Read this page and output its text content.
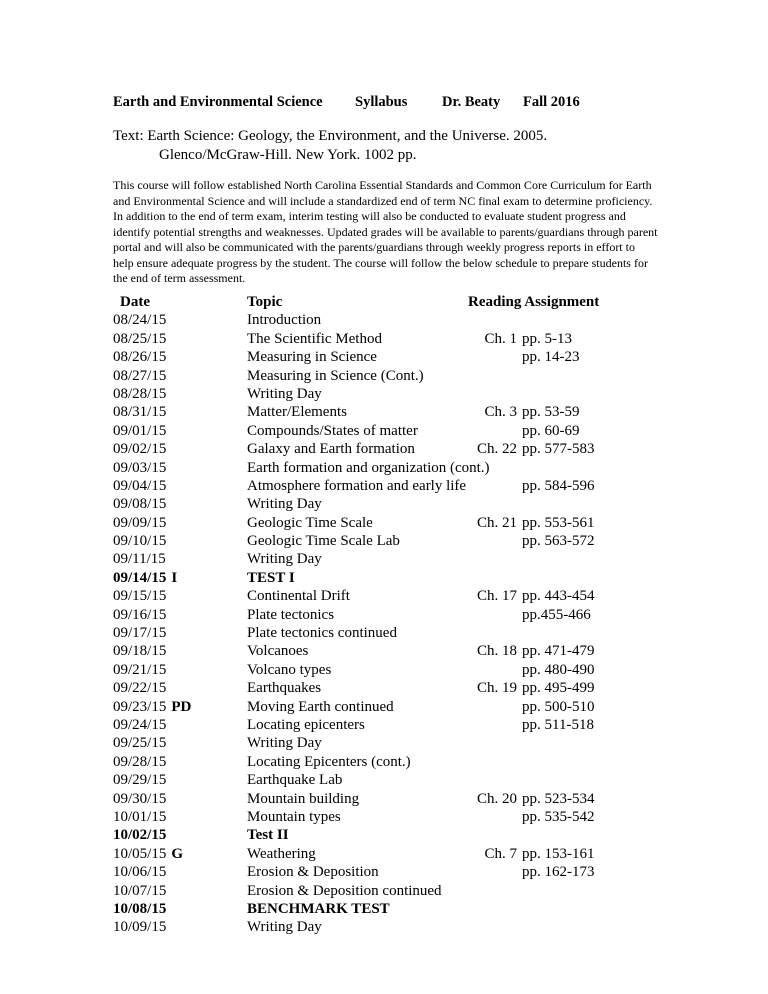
Earth and Environmental Science

Syllabus

Dr. Beaty

Fall 2016

Text: Earth Science: Geology, the Environment, and the Universe. 2005.
Glenco/McGraw-Hill. New York. 1002 pp.
This course will follow established North Carolina Essential Standards and Common Core Curriculum for Earth and Environmental Science and will include a standardized end of term NC final exam to determine proficiency. In addition to the end of term exam, interim testing will also be conducted to evaluate student progress and identify potential strengths and weaknesses. Updated grades will be available to parents/guardians through parent portal and will also be communicated with the parents/guardians through weekly progress reports in effort to help ensure adequate progress by the student. The course will follow the below schedule to prepare students for the end of term assessment.
Date	Topic	Reading Assignment
08/24/15	Introduction
08/25/15	The Scientific Method	Ch. 1 pp. 5-13
08/26/15	Measuring in Science	pp. 14-23
08/27/15	Measuring in Science (Cont.)
08/28/15	Writing Day
08/31/15	Matter/Elements	Ch. 3 pp. 53-59
09/01/15	Compounds/States of matter	pp. 60-69
09/02/15	Galaxy and Earth formation	Ch. 22 pp. 577-583
09/03/15	Earth formation and organization (cont.)
09/04/15	Atmosphere formation and early life	pp. 584-596
09/08/15	Writing Day
09/09/15	Geologic Time Scale	Ch. 21 pp. 553-561
09/10/15	Geologic Time Scale Lab	pp. 563-572
09/11/15	Writing Day
09/14/15 I	TEST I
09/15/15	Continental Drift	Ch. 17 pp. 443-454
09/16/15	Plate tectonics	pp.455-466
09/17/15	Plate tectonics continued
09/18/15	Volcanoes	Ch. 18 pp. 471-479
09/21/15	Volcano types	pp. 480-490
09/22/15	Earthquakes	Ch. 19 pp. 495-499
09/23/15 PD	Moving Earth continued	pp. 500-510
09/24/15	Locating epicenters	pp. 511-518
09/25/15	Writing Day
09/28/15	Locating Epicenters (cont.)
09/29/15	Earthquake Lab
09/30/15	Mountain building	Ch. 20 pp. 523-534
10/01/15	Mountain types	pp. 535-542
10/02/15	Test II
10/05/15 G	Weathering	Ch. 7 pp. 153-161
10/06/15	Erosion & Deposition	pp. 162-173
10/07/15	Erosion & Deposition continued
10/08/15	BENCHMARK TEST
10/09/15	Writing Day
